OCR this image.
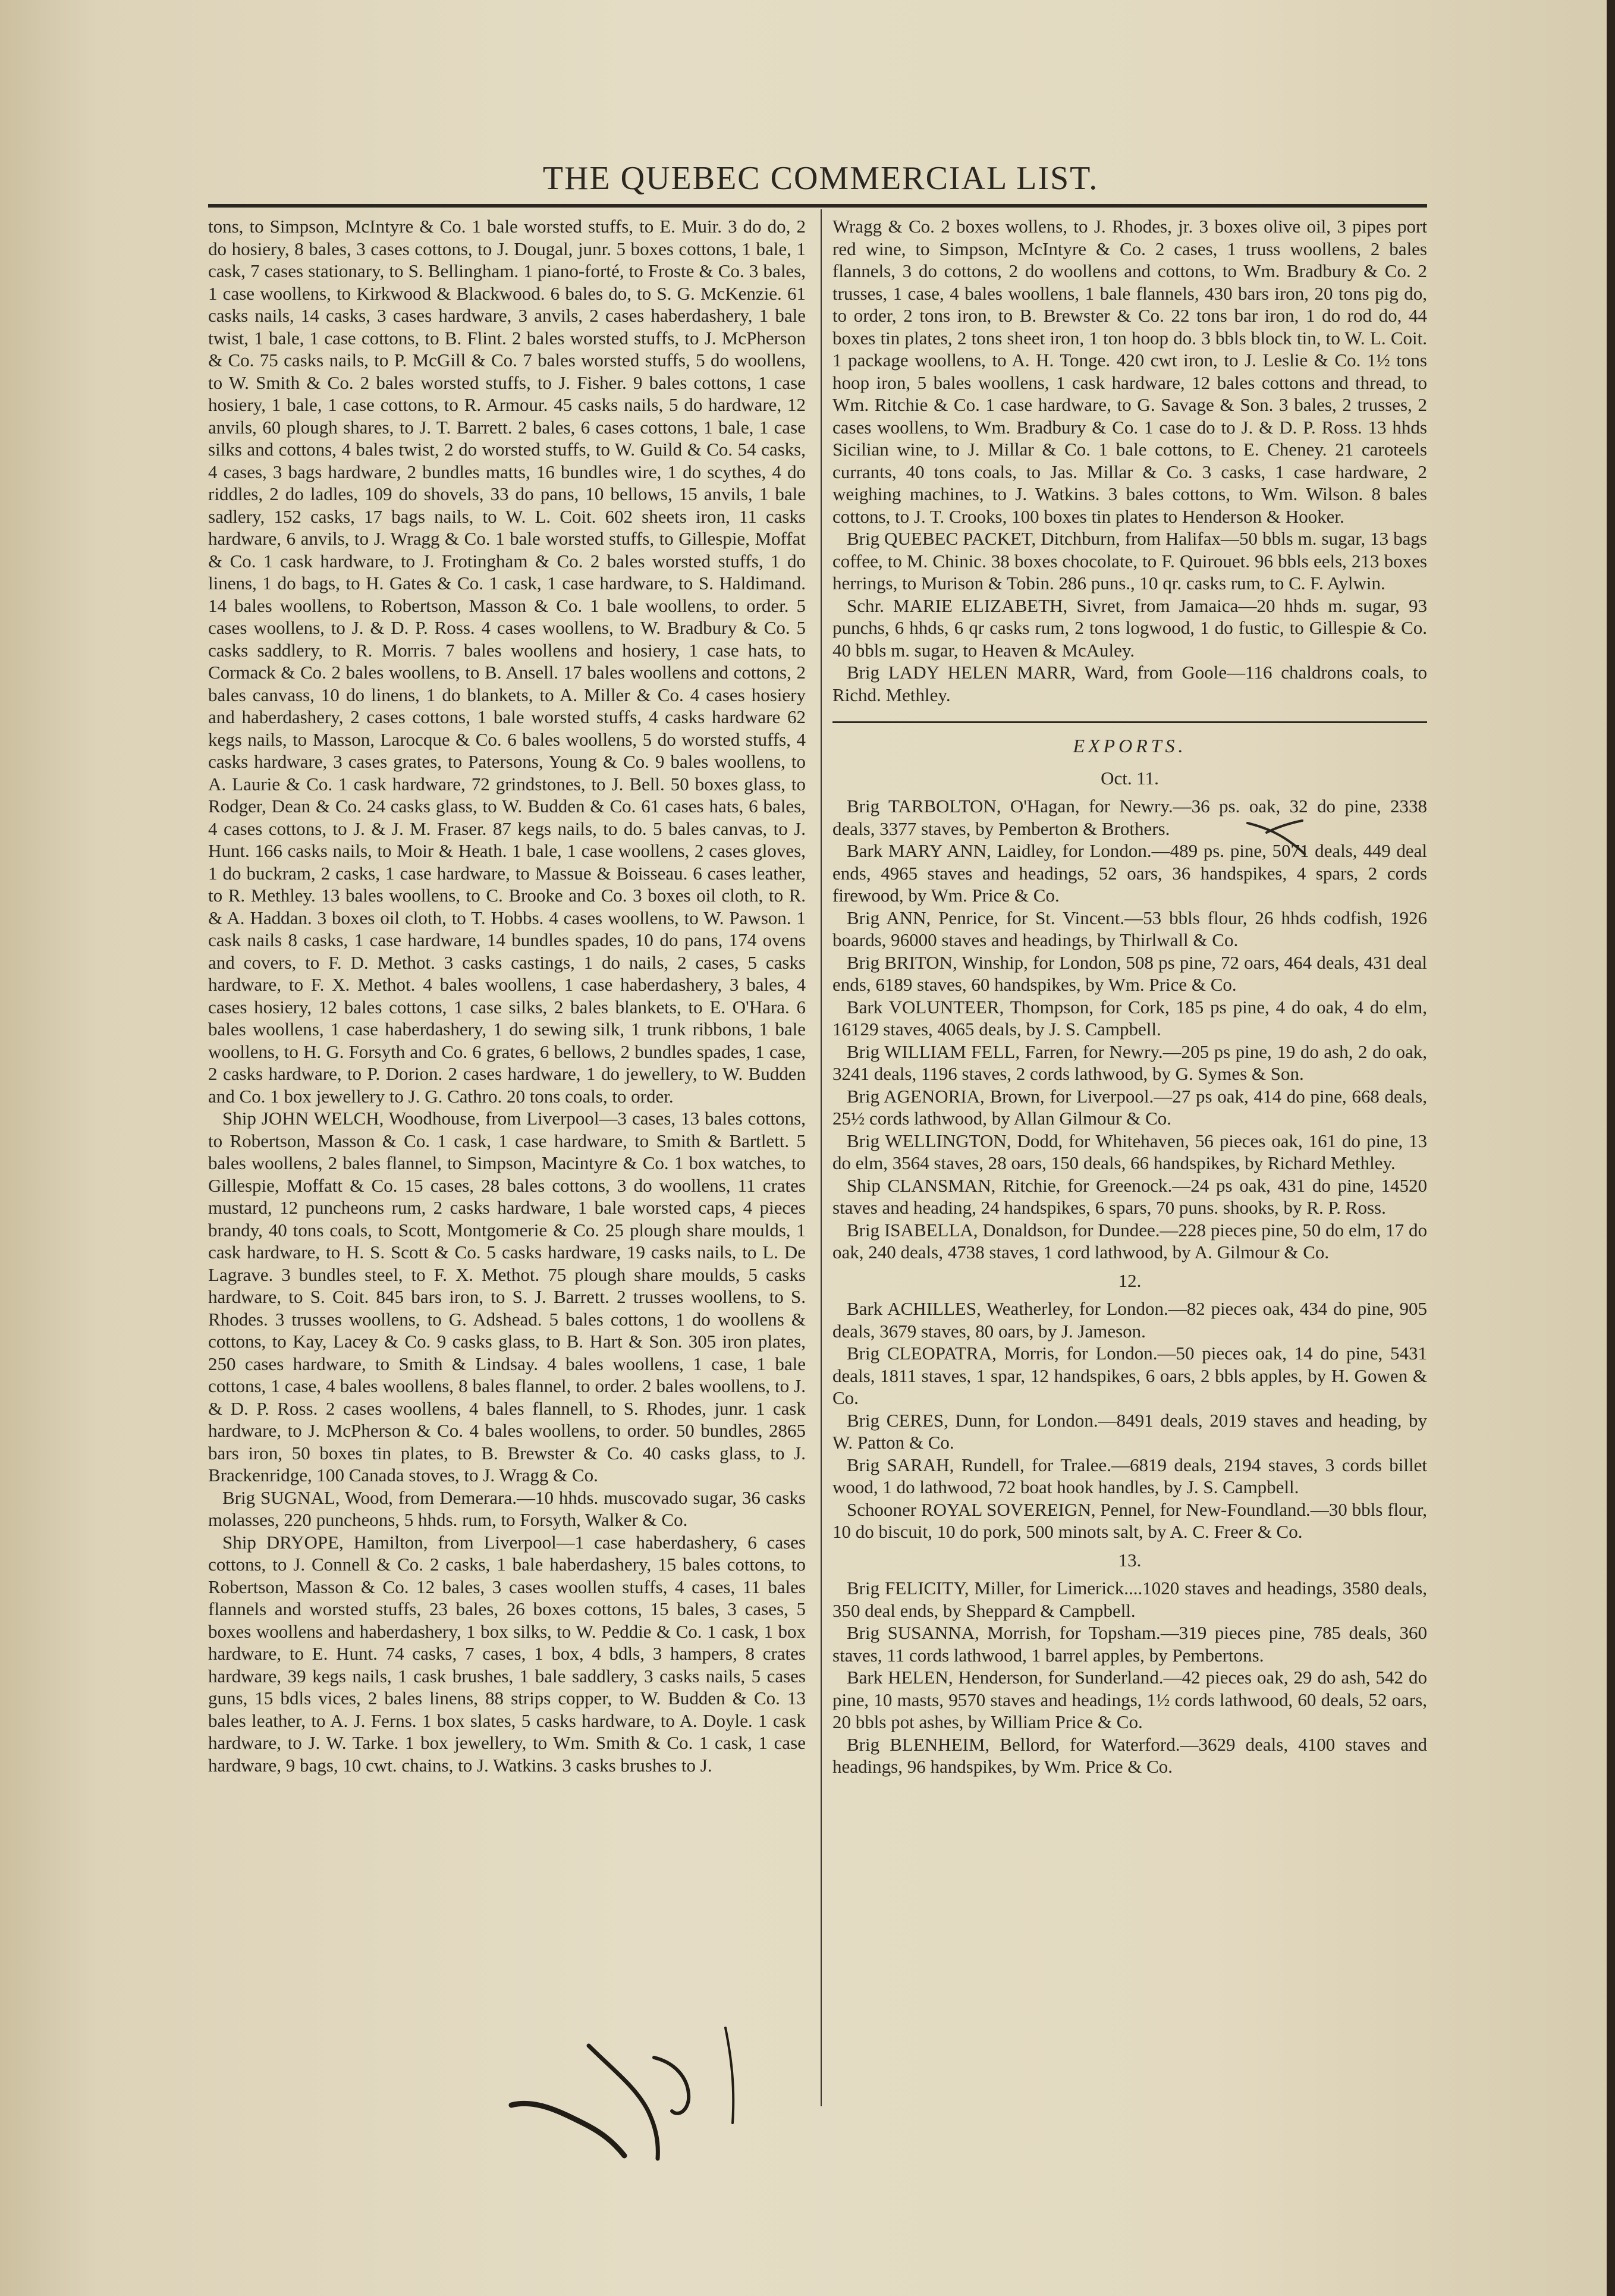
THE QUEBEC COMMERCIAL LIST.

tons, to Simpson, McIntyre & Co. 1 bale worsted stuffs, to E. Muir. 3 do do, 2 do hosiery, 8 bales, 3 cases cottons, to J. Dougal, junr. 5 boxes cottons, 1 bale, 1 cask, 7 cases stationary, to S. Bellingham. 1 piano-forté, to Froste & Co. 3 bales, 1 case woollens, to Kirkwood & Blackwood. 6 bales do, to S. G. McKenzie. 61 casks nails, 14 casks, 3 cases hardware, 3 anvils, 2 cases haberdashery, 1 bale twist, 1 bale, 1 case cottons, to B. Flint. 2 bales worsted stuffs, to J. McPherson & Co. 75 casks nails, to P. McGill & Co. 7 bales worsted stuffs, 5 do woollens, to W. Smith & Co. 2 bales worsted stuffs, to J. Fisher. 9 bales cottons, 1 case hosiery, 1 bale, 1 case cottons, to R. Armour. 45 casks nails, 5 do hardware, 12 anvils, 60 plough shares, to J. T. Barrett. 2 bales, 6 cases cottons, 1 bale, 1 case silks and cottons, 4 bales twist, 2 do worsted stuffs, to W. Guild & Co. 54 casks, 4 cases, 3 bags hardware, 2 bundles matts, 16 bundles wire, 1 do scythes, 4 do riddles, 2 do ladles, 109 do shovels, 33 do pans, 10 bellows, 15 anvils, 1 bale sadlery, 152 casks, 17 bags nails, to W. L. Coit. 602 sheets iron, 11 casks hardware, 6 anvils, to J. Wragg & Co. 1 bale worsted stuffs, to Gillespie, Moffat & Co. 1 cask hardware, to J. Frotingham & Co. 2 bales worsted stuffs, 1 do linens, 1 do bags, to H. Gates & Co. 1 cask, 1 case hardware, to S. Haldimand. 14 bales woollens, to Robertson, Masson & Co. 1 bale woollens, to order. 5 cases woollens, to J. & D. P. Ross. 4 cases woollens, to W. Bradbury & Co. 5 casks saddlery, to R. Morris. 7 bales woollens and hosiery, 1 case hats, to Cormack & Co. 2 bales woollens, to B. Ansell. 17 bales woollens and cottons, 2 bales canvass, 10 do linens, 1 do blankets, to A. Miller & Co. 4 cases hosiery and haberdashery, 2 cases cottons, 1 bale worsted stuffs, 4 casks hardware 62 kegs nails, to Masson, Larocque & Co. 6 bales woollens, 5 do worsted stuffs, 4 casks hardware, 3 cases grates, to Patersons, Young & Co. 9 bales woollens, to A. Laurie & Co. 1 cask hardware, 72 grindstones, to J. Bell. 50 boxes glass, to Rodger, Dean & Co. 24 casks glass, to W. Budden & Co. 61 cases hats, 6 bales, 4 cases cottons, to J. & J. M. Fraser. 87 kegs nails, to do. 5 bales canvas, to J. Hunt. 166 casks nails, to Moir & Heath. 1 bale, 1 case woollens, 2 cases gloves, 1 do buckram, 2 casks, 1 case hardware, to Massue & Boisseau. 6 cases leather, to R. Methley. 13 bales woollens, to C. Brooke and Co. 3 boxes oil cloth, to R. & A. Haddan. 3 boxes oil cloth, to T. Hobbs. 4 cases woollens, to W. Pawson. 1 cask nails 8 casks, 1 case hardware, 14 bundles spades, 10 do pans, 174 ovens and covers, to F. D. Methot. 3 casks castings, 1 do nails, 2 cases, 5 casks hardware, to F. X. Methot. 4 bales woollens, 1 case haberdashery, 3 bales, 4 cases hosiery, 12 bales cottons, 1 case silks, 2 bales blankets, to E. O'Hara. 6 bales woollens, 1 case haberdashery, 1 do sewing silk, 1 trunk ribbons, 1 bale woollens, to H. G. Forsyth and Co. 6 grates, 6 bellows, 2 bundles spades, 1 case, 2 casks hardware, to P. Dorion. 2 cases hardware, 1 do jewellery, to W. Budden and Co. 1 box jewellery to J. G. Cathro. 20 tons coals, to order.

Ship JOHN WELCH, Woodhouse, from Liverpool—3 cases, 13 bales cottons, to Robertson, Masson & Co. 1 cask, 1 case hardware, to Smith & Bartlett. 5 bales woollens, 2 bales flannel, to Simpson, Macintyre & Co. 1 box watches, to Gillespie, Moffatt & Co. 15 cases, 28 bales cottons, 3 do woollens, 11 crates mustard, 12 puncheons rum, 2 casks hardware, 1 bale worsted caps, 4 pieces brandy, 40 tons coals, to Scott, Montgomerie & Co. 25 plough share moulds, 1 cask hardware, to H. S. Scott & Co. 5 casks hardware, 19 casks nails, to L. De Lagrave. 3 bundles steel, to F. X. Methot. 75 plough share moulds, 5 casks hardware, to S. Coit. 845 bars iron, to S. J. Barrett. 2 trusses woollens, to S. Rhodes. 3 trusses woollens, to G. Adshead. 5 bales cottons, 1 do woollens & cottons, to Kay, Lacey & Co. 9 casks glass, to B. Hart & Son. 305 iron plates, 250 cases hardware, to Smith & Lindsay. 4 bales woollens, 1 case, 1 bale cottons, 1 case, 4 bales woollens, 8 bales flannel, to order. 2 bales woollens, to J. & D. P. Ross. 2 cases woollens, 4 bales flannell, to S. Rhodes, junr. 1 cask hardware, to J. McPherson & Co. 4 bales woollens, to order. 50 bundles, 2865 bars iron, 50 boxes tin plates, to B. Brewster & Co. 40 casks glass, to J. Brackenridge, 100 Canada stoves, to J. Wragg & Co.

Brig SUGNAL, Wood, from Demerara.—10 hhds. muscovado sugar, 36 casks molasses, 220 puncheons, 5 hhds. rum, to Forsyth, Walker & Co.

Ship DRYOPE, Hamilton, from Liverpool—1 case haberdashery, 6 cases cottons, to J. Connell & Co. 2 casks, 1 bale haberdashery, 15 bales cottons, to Robertson, Masson & Co. 12 bales, 3 cases woollen stuffs, 4 cases, 11 bales flannels and worsted stuffs, 23 bales, 26 boxes cottons, 15 bales, 3 cases, 5 boxes woollens and haberdashery, 1 box silks, to W. Peddie & Co. 1 cask, 1 box hardware, to E. Hunt. 74 casks, 7 cases, 1 box, 4 bdls, 3 hampers, 8 crates hardware, 39 kegs nails, 1 cask brushes, 1 bale saddlery, 3 casks nails, 5 cases guns, 15 bdls vices, 2 bales linens, 88 strips copper, to W. Budden & Co. 13 bales leather, to A. J. Ferns. 1 box slates, 5 casks hardware, to A. Doyle. 1 cask hardware, to J. W. Tarke. 1 box jewellery, to Wm. Smith & Co. 1 cask, 1 case hardware, 9 bags, 10 cwt. chains, to J. Watkins. 3 casks brushes to J.

Wragg & Co. 2 boxes wollens, to J. Rhodes, jr. 3 boxes olive oil, 3 pipes port red wine, to Simpson, McIntyre & Co. 2 cases, 1 truss woollens, 2 bales flannels, 3 do cottons, 2 do woollens and cottons, to Wm. Bradbury & Co. 2 trusses, 1 case, 4 bales woollens, 1 bale flannels, 430 bars iron, 20 tons pig do, to order, 2 tons iron, to B. Brewster & Co. 22 tons bar iron, 1 do rod do, 44 boxes tin plates, 2 tons sheet iron, 1 ton hoop do. 3 bbls block tin, to W. L. Coit. 1 package woollens, to A. H. Tonge. 420 cwt iron, to J. Leslie & Co. 1½ tons hoop iron, 5 bales woollens, 1 cask hardware, 12 bales cottons and thread, to Wm. Ritchie & Co. 1 case hardware, to G. Savage & Son. 3 bales, 2 trusses, 2 cases woollens, to Wm. Bradbury & Co. 1 case do to J. & D. P. Ross. 13 hhds Sicilian wine, to J. Millar & Co. 1 bale cottons, to E. Cheney. 21 caroteels currants, 40 tons coals, to Jas. Millar & Co. 3 casks, 1 case hardware, 2 weighing machines, to J. Watkins. 3 bales cottons, to Wm. Wilson. 8 bales cottons, to J. T. Crooks, 100 boxes tin plates to Henderson & Hooker.

Brig QUEBEC PACKET, Ditchburn, from Halifax—50 bbls m. sugar, 13 bags coffee, to M. Chinic. 38 boxes chocolate, to F. Quirouet. 96 bbls eels, 213 boxes herrings, to Murison & Tobin. 286 puns., 10 qr. casks rum, to C. F. Aylwin.

Schr. MARIE ELIZABETH, Sivret, from Jamaica—20 hhds m. sugar, 93 punchs, 6 hhds, 6 qr casks rum, 2 tons logwood, 1 do fustic, to Gillespie & Co. 40 bbls m. sugar, to Heaven & McAuley.

Brig LADY HELEN MARR, Ward, from Goole—116 chaldrons coals, to Richd. Methley.

EXPORTS.
Oct. 11.

Brig TARBOLTON, O'Hagan, for Newry.—36 ps. oak, 32 do pine, 2338 deals, 3377 staves, by Pemberton & Brothers.

Bark MARY ANN, Laidley, for London.—489 ps. pine, 5071 deals, 449 deal ends, 4965 staves and headings, 52 oars, 36 handspikes, 4 spars, 2 cords firewood, by Wm. Price & Co.

Brig ANN, Penrice, for St. Vincent.—53 bbls flour, 26 hhds codfish, 1926 boards, 96000 staves and headings, by Thirlwall & Co.

Brig BRITON, Winship, for London, 508 ps pine, 72 oars, 464 deals, 431 deal ends, 6189 staves, 60 handspikes, by Wm. Price & Co.

Bark VOLUNTEER, Thompson, for Cork, 185 ps pine, 4 do oak, 4 do elm, 16129 staves, 4065 deals, by J. S. Campbell.

Brig WILLIAM FELL, Farren, for Newry.—205 ps pine, 19 do ash, 2 do oak, 3241 deals, 1196 staves, 2 cords lathwood, by G. Symes & Son.

Brig AGENORIA, Brown, for Liverpool.—27 ps oak, 414 do pine, 668 deals, 25½ cords lathwood, by Allan Gilmour & Co.

Brig WELLINGTON, Dodd, for Whitehaven, 56 pieces oak, 161 do pine, 13 do elm, 3564 staves, 28 oars, 150 deals, 66 handspikes, by Richard Methley.

Ship CLANSMAN, Ritchie, for Greenock.—24 ps oak, 431 do pine, 14520 staves and heading, 24 handspikes, 6 spars, 70 puns. shooks, by R. P. Ross.

Brig ISABELLA, Donaldson, for Dundee.—228 pieces pine, 50 do elm, 17 do oak, 240 deals, 4738 staves, 1 cord lathwood, by A. Gilmour & Co.

12.

Bark ACHILLES, Weatherley, for London.—82 pieces oak, 434 do pine, 905 deals, 3679 staves, 80 oars, by J. Jameson.

Brig CLEOPATRA, Morris, for London.—50 pieces oak, 14 do pine, 5431 deals, 1811 staves, 1 spar, 12 handspikes, 6 oars, 2 bbls apples, by H. Gowen & Co.

Brig CERES, Dunn, for London.—8491 deals, 2019 staves and heading, by W. Patton & Co.

Brig SARAH, Rundell, for Tralee.—6819 deals, 2194 staves, 3 cords billet wood, 1 do lathwood, 72 boat hook handles, by J. S. Campbell.

Schooner ROYAL SOVEREIGN, Pennel, for New-Foundland.—30 bbls flour, 10 do biscuit, 10 do pork, 500 minots salt, by A. C. Freer & Co.

13.

Brig FELICITY, Miller, for Limerick....1020 staves and headings, 3580 deals, 350 deal ends, by Sheppard & Campbell.

Brig SUSANNA, Morrish, for Topsham.—319 pieces pine, 785 deals, 360 staves, 11 cords lathwood, 1 barrel apples, by Pembertons.

Bark HELEN, Henderson, for Sunderland.—42 pieces oak, 29 do ash, 542 do pine, 10 masts, 9570 staves and headings, 1½ cords lathwood, 60 deals, 52 oars, 20 bbls pot ashes, by William Price & Co.

Brig BLENHEIM, Bellord, for Waterford.—3629 deals, 4100 staves and headings, 96 handspikes, by Wm. Price & Co.
